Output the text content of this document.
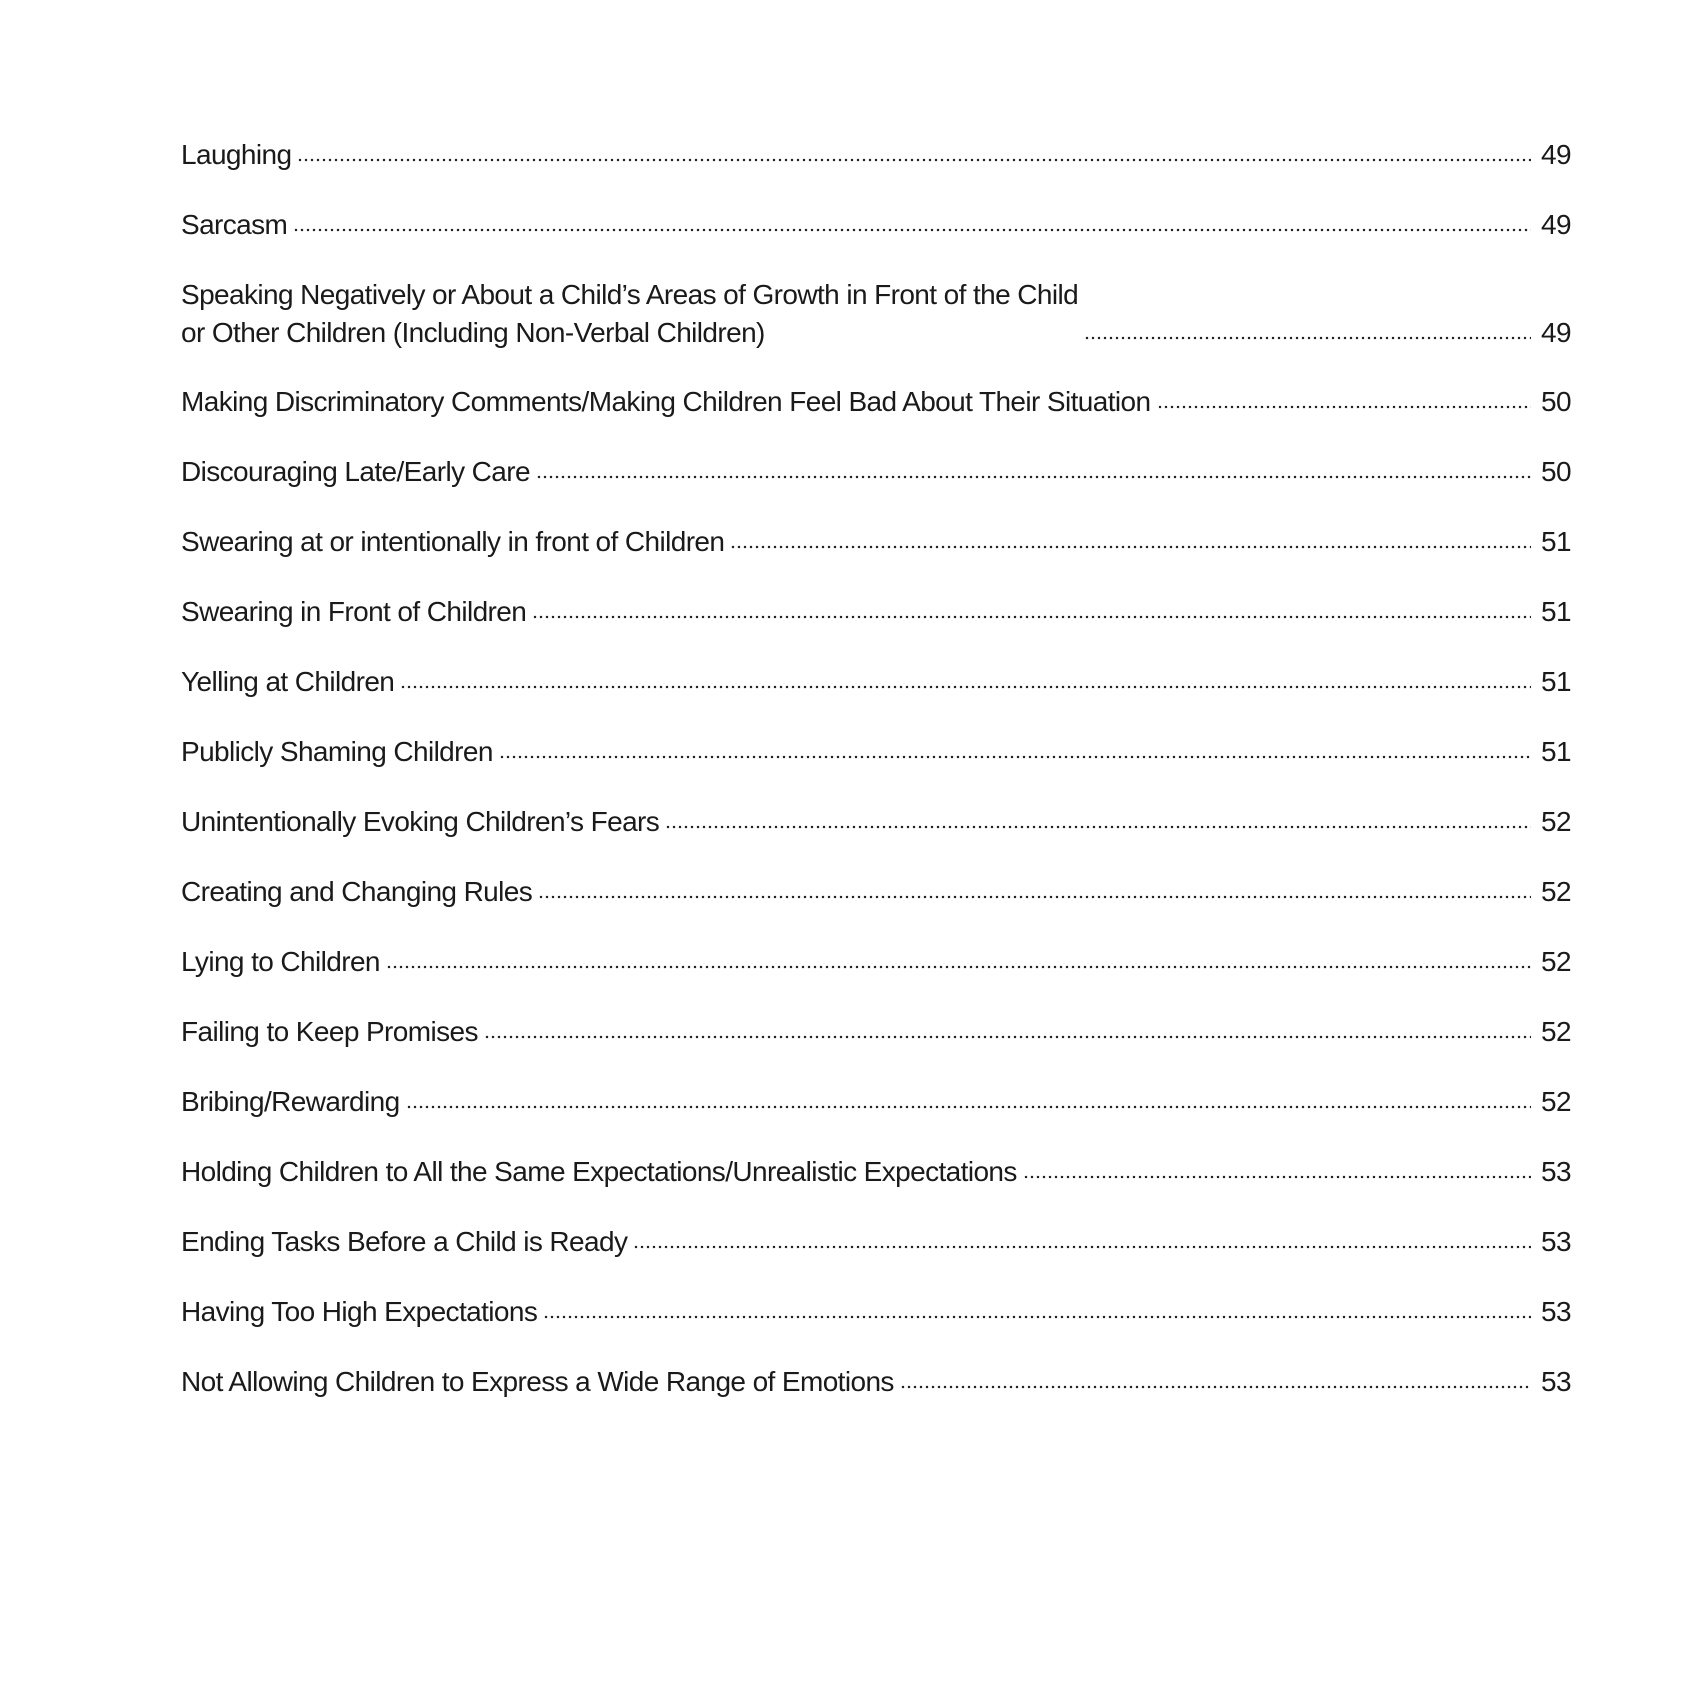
Laughing	49
Sarcasm	49
Speaking Negatively or About a Child’s Areas of Growth in Front of the Child
or Other Children (Including Non-Verbal Children)	49
Making Discriminatory Comments/Making Children Feel Bad About Their Situation	50
Discouraging Late/Early Care	50
Swearing at or intentionally in front of Children	51
Swearing in Front of Children	51
Yelling at Children	51
Publicly Shaming Children	51
Unintentionally Evoking Children’s Fears	52
Creating and Changing Rules	52
Lying to Children	52
Failing to Keep Promises	52
Bribing/Rewarding	52
Holding Children to All the Same Expectations/Unrealistic Expectations	53
Ending Tasks Before a Child is Ready	53
Having Too High Expectations	53
Not Allowing Children to Express a Wide Range of Emotions	53
